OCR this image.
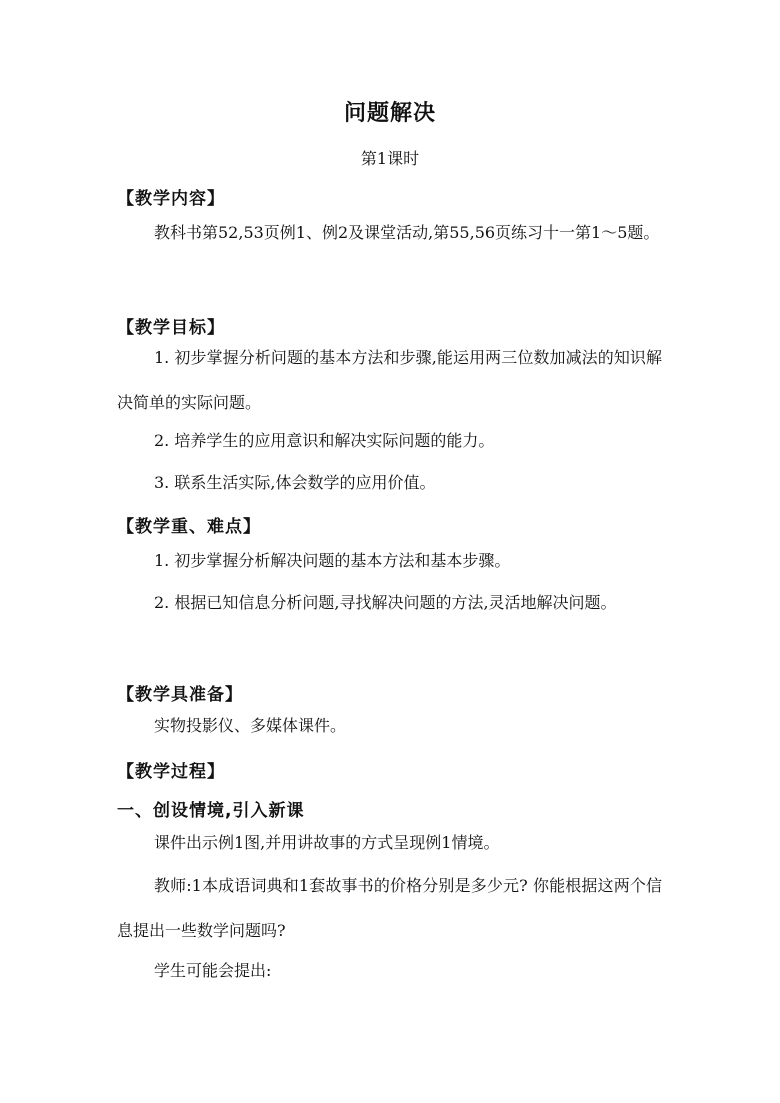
问题解决
第1课时
【教学内容】
教科书第52,53页例1、例2及课堂活动,第55,56页练习十一第1～5题。
【教学目标】
1. 初步掌握分析问题的基本方法和步骤,能运用两三位数加减法的知识解决简单的实际问题。
2. 培养学生的应用意识和解决实际问题的能力。
3. 联系生活实际,体会数学的应用价值。
【教学重、难点】
1. 初步掌握分析解决问题的基本方法和基本步骤。
2. 根据已知信息分析问题,寻找解决问题的方法,灵活地解决问题。
【教学具准备】
实物投影仪、多媒体课件。
【教学过程】
一、创设情境,引入新课
课件出示例1图,并用讲故事的方式呈现例1情境。
教师:1本成语词典和1套故事书的价格分别是多少元? 你能根据这两个信息提出一些数学问题吗?
学生可能会提出:
